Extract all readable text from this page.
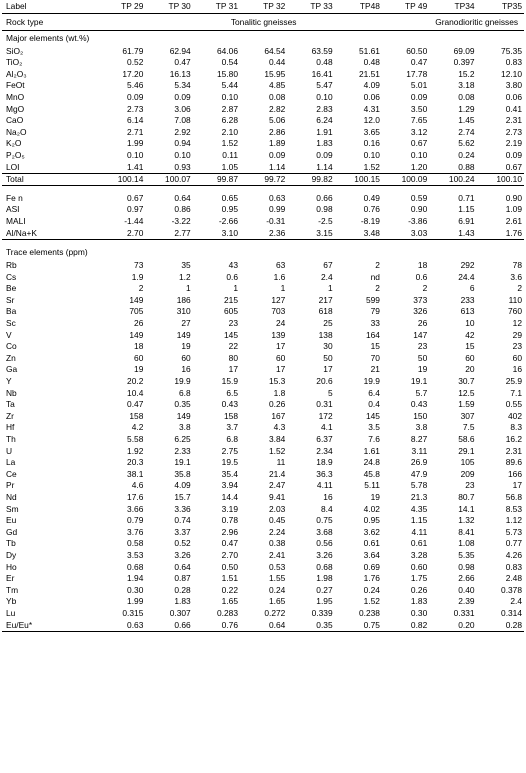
Label	TP 29	TP 30	TP 31	TP 32	TP 33	TP48	TP 49	TP34	TP35
Rock type	Tonalitic gneisses							Granodioritic gneisses	
Major elements (wt.%)									
SiO₂	61.79	62.94	64.06	64.54	63.59	51.61	60.50	69.09	75.35
TiO₂	0.52	0.47	0.54	0.44	0.48	0.48	0.47	0.397	0.83
Al₂O₃	17.20	16.13	15.80	15.95	16.41	21.51	17.78	15.2	12.10
FeOt	5.46	5.34	5.44	4.85	5.47	4.09	5.01	3.18	3.80
MnO	0.09	0.09	0.10	0.08	0.10	0.06	0.09	0.08	0.06
MgO	2.73	3.06	2.87	2.82	2.83	4.31	3.50	1.29	0.41
CaO	6.14	7.08	6.28	5.06	6.24	12.0	7.65	1.45	2.31
Na₂O	2.71	2.92	2.10	2.86	1.91	3.65	3.12	2.74	2.73
K₂O	1.99	0.94	1.52	1.89	1.83	0.16	0.67	5.62	2.19
P₂O₅	0.10	0.10	0.11	0.09	0.09	0.10	0.10	0.24	0.09
LOI	1.41	0.93	1.05	1.14	1.14	1.52	1.20	0.88	0.67
Total	100.14	100.07	99.87	99.72	99.82	100.15	100.09	100.24	100.10

Fe n	0.67	0.64	0.65	0.63	0.66	0.49	0.59	0.71	0.90
ASI	0.97	0.86	0.95	0.99	0.98	0.76	0.90	1.15	1.09
MALI	-1.44	-3.22	-2.66	-0.31	-2.5	-8.19	-3.86	6.91	2.61
Al/Na+K	2.70	2.77	3.10	2.36	3.15	3.48	3.03	1.43	1.76

Trace elements (ppm)									
Rb	73	35	43	63	67	2	18	292	78
Cs	1.9	1.2	0.6	1.6	2.4	nd	0.6	24.4	3.6
Be	2	1	1	1	1	2	2	6	2
Sr	149	186	215	127	217	599	373	233	110
Ba	705	310	605	703	618	79	326	613	760
Sc	26	27	23	24	25	33	26	10	12
V	149	149	145	139	138	164	147	42	29
Co	18	19	22	17	30	15	23	15	23
Zn	60	60	80	60	50	70	50	60	60
Ga	19	16	17	17	17	21	19	20	16
Y	20.2	19.9	15.9	15.3	20.6	19.9	19.1	30.7	25.9
Nb	10.4	6.8	6.5	1.8	5	6.4	5.7	12.5	7.1
Ta	0.47	0.35	0.43	0.26	0.31	0.4	0.43	1.59	0.55
Zr	158	149	158	167	172	145	150	307	402
Hf	4.2	3.8	3.7	4.3	4.1	3.5	3.8	7.5	8.3
Th	5.58	6.25	6.8	3.84	6.37	7.6	8.27	58.6	16.2
U	1.92	2.33	2.75	1.52	2.34	1.61	3.11	29.1	2.31
La	20.3	19.1	19.5	11	18.9	24.8	26.9	105	89.6
Ce	38.1	35.8	35.4	21.4	36.3	45.8	47.9	209	166
Pr	4.6	4.09	3.94	2.47	4.11	5.11	5.78	23	17
Nd	17.6	15.7	14.4	9.41	16	19	21.3	80.7	56.8
Sm	3.66	3.36	3.19	2.03	8.4	4.02	4.35	14.1	8.53
Eu	0.79	0.74	0.78	0.45	0.75	0.95	1.15	1.32	1.12
Gd	3.76	3.37	2.96	2.24	3.68	3.62	4.11	8.41	5.73
Tb	0.58	0.52	0.47	0.38	0.56	0.61	0.61	1.08	0.77
Dy	3.53	3.26	2.70	2.41	3.26	3.64	3.28	5.35	4.26
Ho	0.68	0.64	0.50	0.53	0.68	0.69	0.60	0.98	0.83
Er	1.94	0.87	1.51	1.55	1.98	1.76	1.75	2.66	2.48
Tm	0.30	0.28	0.22	0.24	0.27	0.24	0.26	0.40	0.378
Yb	1.99	1.83	1.65	1.65	1.95	1.52	1.83	2.39	2.4
Lu	0.315	0.307	0.283	0.272	0.339	0.238	0.30	0.331	0.314
Eu/Eu*	0.63	0.66	0.76	0.64	0.35	0.75	0.82	0.20	0.28
